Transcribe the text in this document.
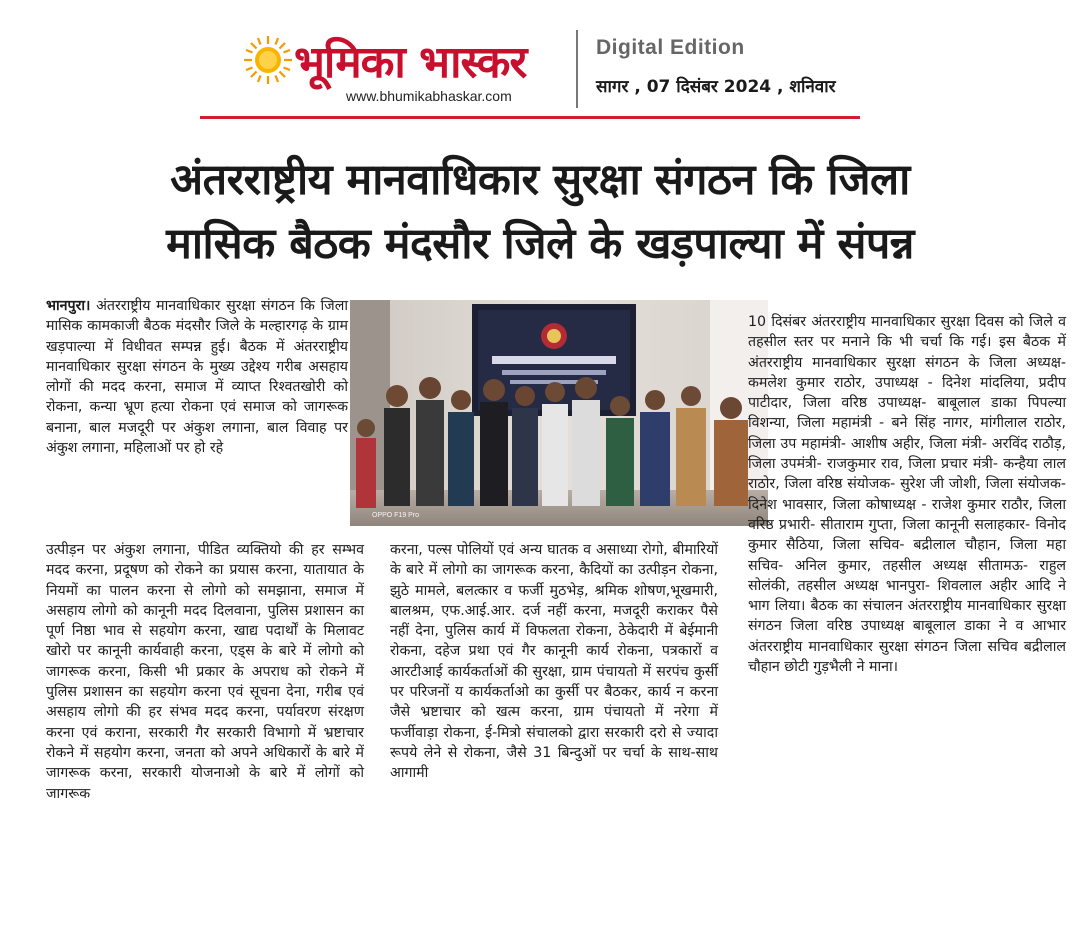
भूमिका भास्कर
www.bhumikabhaskar.com
Digital Edition
सागर , 07 दिसंबर 2024 , शनिवार
अंतरराष्ट्रीय मानवाधिकार सुरक्षा संगठन कि जिला
मासिक बैठक मंदसौर जिले के खड़पाल्या में संपन्न

भानपुरा। अंतरराष्ट्रीय मानवाधिकार सुरक्षा संगठन कि जिला मासिक कामकाजी बैठक मंदसौर जिले के मल्हारगढ़ के ग्राम खड़पाल्या में विधीवत सम्पन्न हुई। बैठक में अंतरराष्ट्रीय मानवाधिकार सुरक्षा संगठन के मुख्य उद्देश्य गरीब असहाय लोगों की मदद करना, समाज में व्याप्त रिश्वतखोरी को रोकना, कन्या भ्रूण हत्या रोकना एवं समाज को जागरूक बनाना, बाल मजदूरी पर अंकुश लगाना, बाल विवाह पर अंकुश लगाना, महिलाओं पर हो रहे

OPPO F19 Pro

उत्पीड़न पर अंकुश लगाना, पीडित व्यक्तियो की हर सम्भव मदद करना, प्रदूषण को रोकने का प्रयास करना, यातायात के नियमों का पालन करना से लोगो को समझाना, समाज में असहाय लोगो को कानूनी मदद दिलवाना, पुलिस प्रशासन का पूर्ण निष्ठा भाव से सहयोग करना, खाद्य पदार्थों के मिलावट खोरो पर कानूनी कार्यवाही करना, एड्स के बारे में लोगो को जागरूक करना, किसी भी प्रकार के अपराध को रोकने में पुलिस प्रशासन का सहयोग करना एवं सूचना देना, गरीब एवं असहाय लोगो की हर संभव मदद करना, पर्यावरण संरक्षण करना एवं कराना, सरकारी गैर सरकारी विभागो में भ्रष्टाचार रोकने में सहयोग करना, जनता को अपने अधिकारों के बारे में जागरूक करना, सरकारी योजनाओ के बारे में लोगों को जागरूक

करना, पल्स पोलियों एवं अन्य घातक व असाध्या रोगो, बीमारियों के बारे में लोगो का जागरूक करना, कैदियों का उत्पीड़न रोकना, झुठे मामले, बलत्कार व फर्जी मुठभेड़, श्रमिक शोषण,भूखमारी, बालश्रम, एफ.आई.आर. दर्ज नहीं करना, मजदूरी कराकर पैसे नहीं देना, पुलिस कार्य में विफलता रोकना, ठेकेदारी में बेईमानी रोकना, दहेज प्रथा एवं गैर कानूनी कार्य रोकना, पत्रकारों व आरटीआई कार्यकर्ताओं की सुरक्षा, ग्राम पंचायतो में सरपंच कुर्सी पर परिजनों य कार्यकर्ताओ का कुर्सी पर बैठकर, कार्य न करना जैसे भ्रष्टाचार को खत्म करना, ग्राम पंचायतो में नरेगा में फर्जीवाड़ा रोकना, ई-मित्रो संचालको द्वारा सरकारी दरो से ज्यादा रूपये लेने से रोकना, जैसे 31 बिन्दुओं पर चर्चा के साथ-साथ आगामी

10 दिसंबर अंतरराष्ट्रीय मानवाधिकार सुरक्षा दिवस को जिले व तहसील स्तर पर मनाने कि भी चर्चा कि गई। इस बैठक में अंतरराष्ट्रीय मानवाधिकार सुरक्षा संगठन के जिला अध्यक्ष- कमलेश कुमार राठोर, उपाध्यक्ष - दिनेश मांदलिया, प्रदीप पाटीदार, जिला वरिष्ठ उपाध्यक्ष- बाबूलाल डाका पिपल्या विशन्या, जिला महामंत्री - बने सिंह नागर, मांगीलाल राठोर, जिला उप महामंत्री- आशीष अहीर, जिला मंत्री- अरविंद राठौड़, जिला उपमंत्री- राजकुमार राव, जिला प्रचार मंत्री- कन्हैया लाल राठोर, जिला वरिष्ठ संयोजक- सुरेश जी जोशी, जिला संयोजक- दिनेश भावसार, जिला कोषाध्यक्ष - राजेश कुमार राठौर, जिला वरिष्ठ प्रभारी- सीताराम गुप्ता, जिला कानूनी सलाहकार- विनोद कुमार सैठिया, जिला सचिव- बद्रीलाल चौहान, जिला महा सचिव- अनिल कुमार, तहसील अध्यक्ष सीतामऊ- राहुल सोलंकी, तहसील अध्यक्ष भानपुरा- शिवलाल अहीर आदि ने भाग लिया। बैठक का संचालन अंतरराष्ट्रीय मानवाधिकार सुरक्षा संगठन जिला वरिष्ठ उपाध्यक्ष बाबूलाल डाका ने व आभार अंतरराष्ट्रीय मानवाधिकार सुरक्षा संगठन जिला सचिव बद्रीलाल चौहान छोटी गुड़भैली ने माना।
